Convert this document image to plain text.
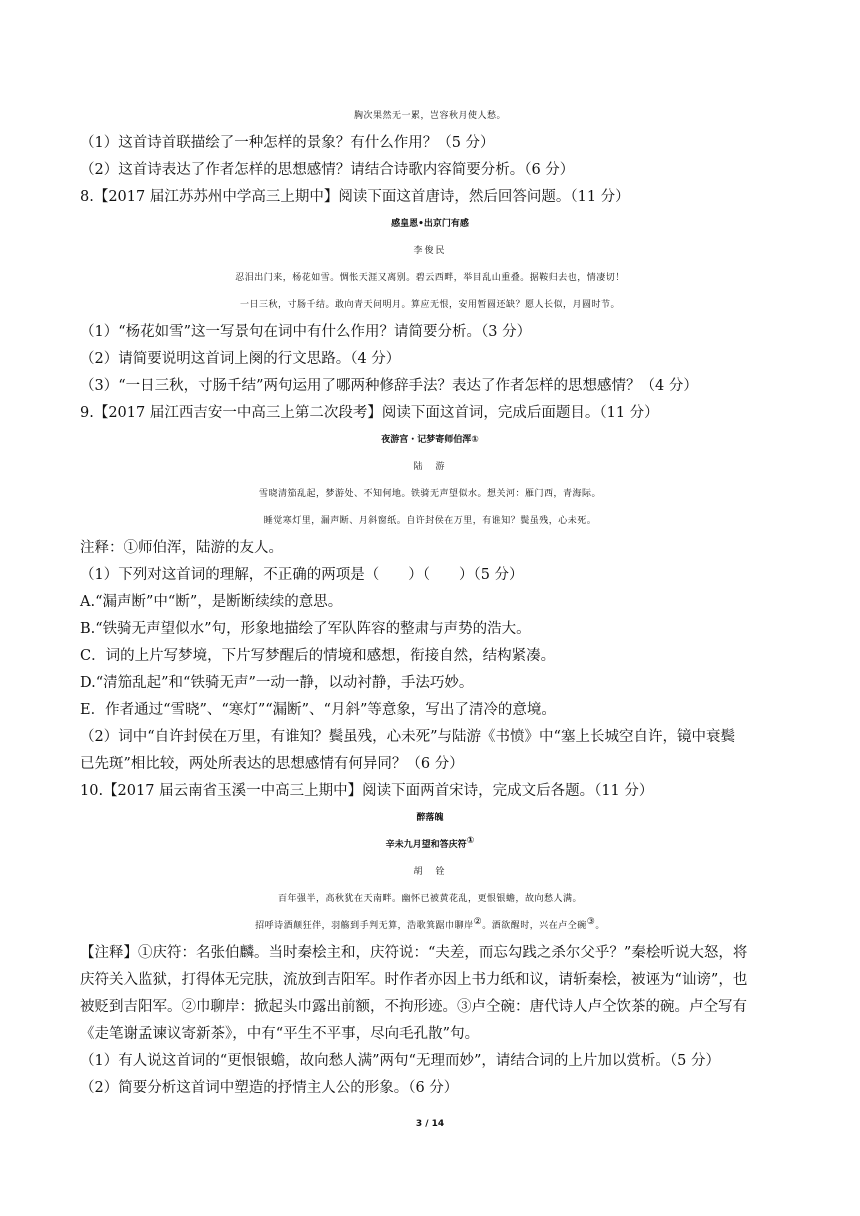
胸次果然无一累，岂容秋月使人愁。
（1）这首诗首联描绘了一种怎样的景象？有什么作用？（5 分）
（2）这首诗表达了作者怎样的思想感情？请结合诗歌内容简要分析。（6 分）
8.【2017 届江苏苏州中学高三上期中】阅读下面这首唐诗，然后回答问题。（11 分）
感皇恩•出京门有感
李俊民
忍泪出门来，杨花如雪。惆怅天涯又离别。碧云西畔，举目乱山重叠。据鞍归去也，情凄切！
一日三秋，寸肠千结。敢向青天问明月。算应无恨，安用暂圆还缺？愿人长似，月圆时节。
（1）“杨花如雪”这一写景句在词中有什么作用？请简要分析。（3 分）
（2）请简要说明这首词上阕的行文思路。（4 分）
（3）“一日三秋，寸肠千结”两句运用了哪两种修辞手法？表达了作者怎样的思想感情？（4 分）
9.【2017 届江西吉安一中高三上第二次段考】阅读下面这首词，完成后面题目。（11 分）
夜游宫・记梦寄师伯浑①
陆　游
雪晓清笳乱起，梦游处、不知何地。铁骑无声望似水。想关河：雁门西，青海际。
睡觉寒灯里，漏声断、月斜窗纸。自许封侯在万里，有谁知？鬓虽残，心未死。
注释：①师伯浑，陆游的友人。
（1）下列对这首词的理解，不正确的两项是（　　）（　　）（5 分）
A.“漏声断”中“断”，是断断续续的意思。
B.“铁骑无声望似水”句，形象地描绘了军队阵容的整肃与声势的浩大。
C．词的上片写梦境，下片写梦醒后的情境和感想，衔接自然，结构紧凑。
D.“清笳乱起”和“铁骑无声”一动一静，以动衬静，手法巧妙。
E．作者通过“雪晓”、“寒灯”“漏断”、“月斜”等意象，写出了清冷的意境。
（2）词中“自许封侯在万里，有谁知？鬓虽残，心未死”与陆游《书愤》中“塞上长城空自许，镜中衰鬓
已先斑”相比较，两处所表达的思想感情有何异同？（6 分）
10.【2017 届云南省玉溪一中高三上期中】阅读下面两首宋诗，完成文后各题。（11 分）
醉落魄
辛未九月望和答庆符①
胡　铨
百年强半，高秋犹在天南畔。幽怀已被黄花乱，更恨银蟾，故向愁人满。
招呼诗酒颠狂伴，羽觞到手判无算，浩歌箕踞巾聊岸②。酒欲醒时，兴在卢仝碗③。
【注释】①庆符：名张伯麟。当时秦桧主和，庆符说：“夫差，而忘勾践之杀尔父乎？”秦桧听说大怒，将
庆符关入监狱，打得体无完肤，流放到吉阳军。时作者亦因上书力纸和议，请斩秦桧，被诬为“讪谤”，也
被贬到吉阳军。②巾聊岸：掀起头巾露出前额，不拘形迹。③卢仝碗：唐代诗人卢仝饮茶的碗。卢仝写有
《走笔谢孟谏议寄新茶》，中有“平生不平事，尽向毛孔散”句。
（1）有人说这首词的“更恨银蟾，故向愁人满”两句“无理而妙”，请结合词的上片加以赏析。（5 分）
（2）简要分析这首词中塑造的抒情主人公的形象。（6 分）
3 / 14
